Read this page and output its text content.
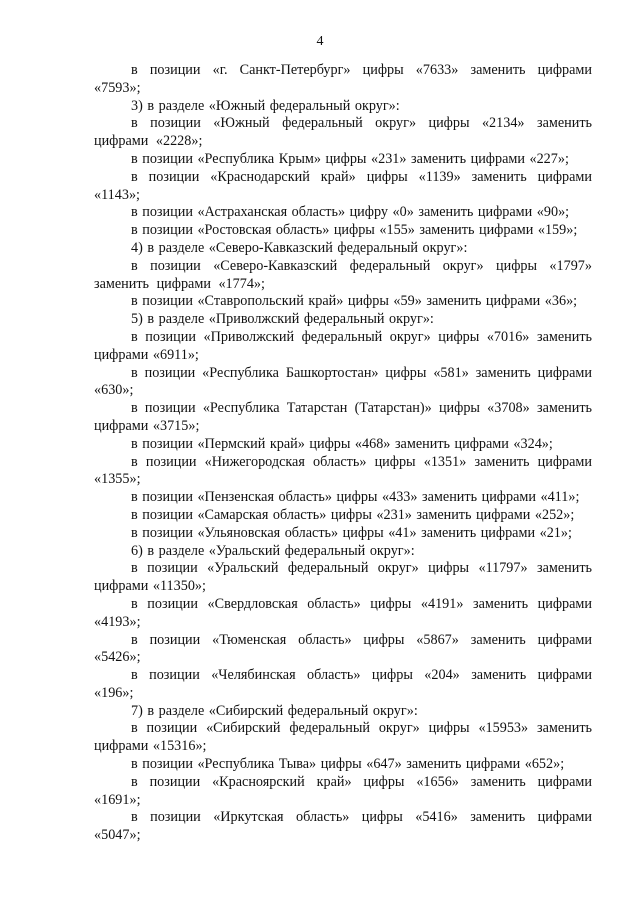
4

в позиции «г. Санкт-Петербург» цифры «7633» заменить цифрами «7593»;

3) в разделе «Южный федеральный округ»:

в позиции «Южный федеральный округ» цифры «2134» заменить цифрами «2228»;

в позиции «Республика Крым» цифры «231» заменить цифрами «227»;

в позиции «Краснодарский край» цифры «1139» заменить цифрами «1143»;

в позиции «Астраханская область» цифру «0» заменить цифрами «90»;

в позиции «Ростовская область» цифры «155» заменить цифрами «159»;

4) в разделе «Северо-Кавказский федеральный округ»:

в позиции «Северо-Кавказский федеральный округ» цифры «1797» заменить цифрами «1774»;

в позиции «Ставропольский край» цифры «59» заменить цифрами «36»;

5) в разделе «Приволжский федеральный округ»:

в позиции «Приволжский федеральный округ» цифры «7016» заменить цифрами «6911»;

в позиции «Республика Башкортостан» цифры «581» заменить цифрами «630»;

в позиции «Республика Татарстан (Татарстан)» цифры «3708» заменить цифрами «3715»;

в позиции «Пермский край» цифры «468» заменить цифрами «324»;

в позиции «Нижегородская область» цифры «1351» заменить цифрами «1355»;

в позиции «Пензенская область» цифры «433» заменить цифрами «411»;

в позиции «Самарская область» цифры «231» заменить цифрами «252»;

в позиции «Ульяновская область» цифры «41» заменить цифрами «21»;

6) в разделе «Уральский федеральный округ»:

в позиции «Уральский федеральный округ» цифры «11797» заменить цифрами «11350»;

в позиции «Свердловская область» цифры «4191» заменить цифрами «4193»;

в позиции «Тюменская область» цифры «5867» заменить цифрами «5426»;

в позиции «Челябинская область» цифры «204» заменить цифрами «196»;

7) в разделе «Сибирский федеральный округ»:

в позиции «Сибирский федеральный округ» цифры «15953» заменить цифрами «15316»;

в позиции «Республика Тыва» цифры «647» заменить цифрами «652»;

в позиции «Красноярский край» цифры «1656» заменить цифрами «1691»;

в позиции «Иркутская область» цифры «5416» заменить цифрами «5047»;
